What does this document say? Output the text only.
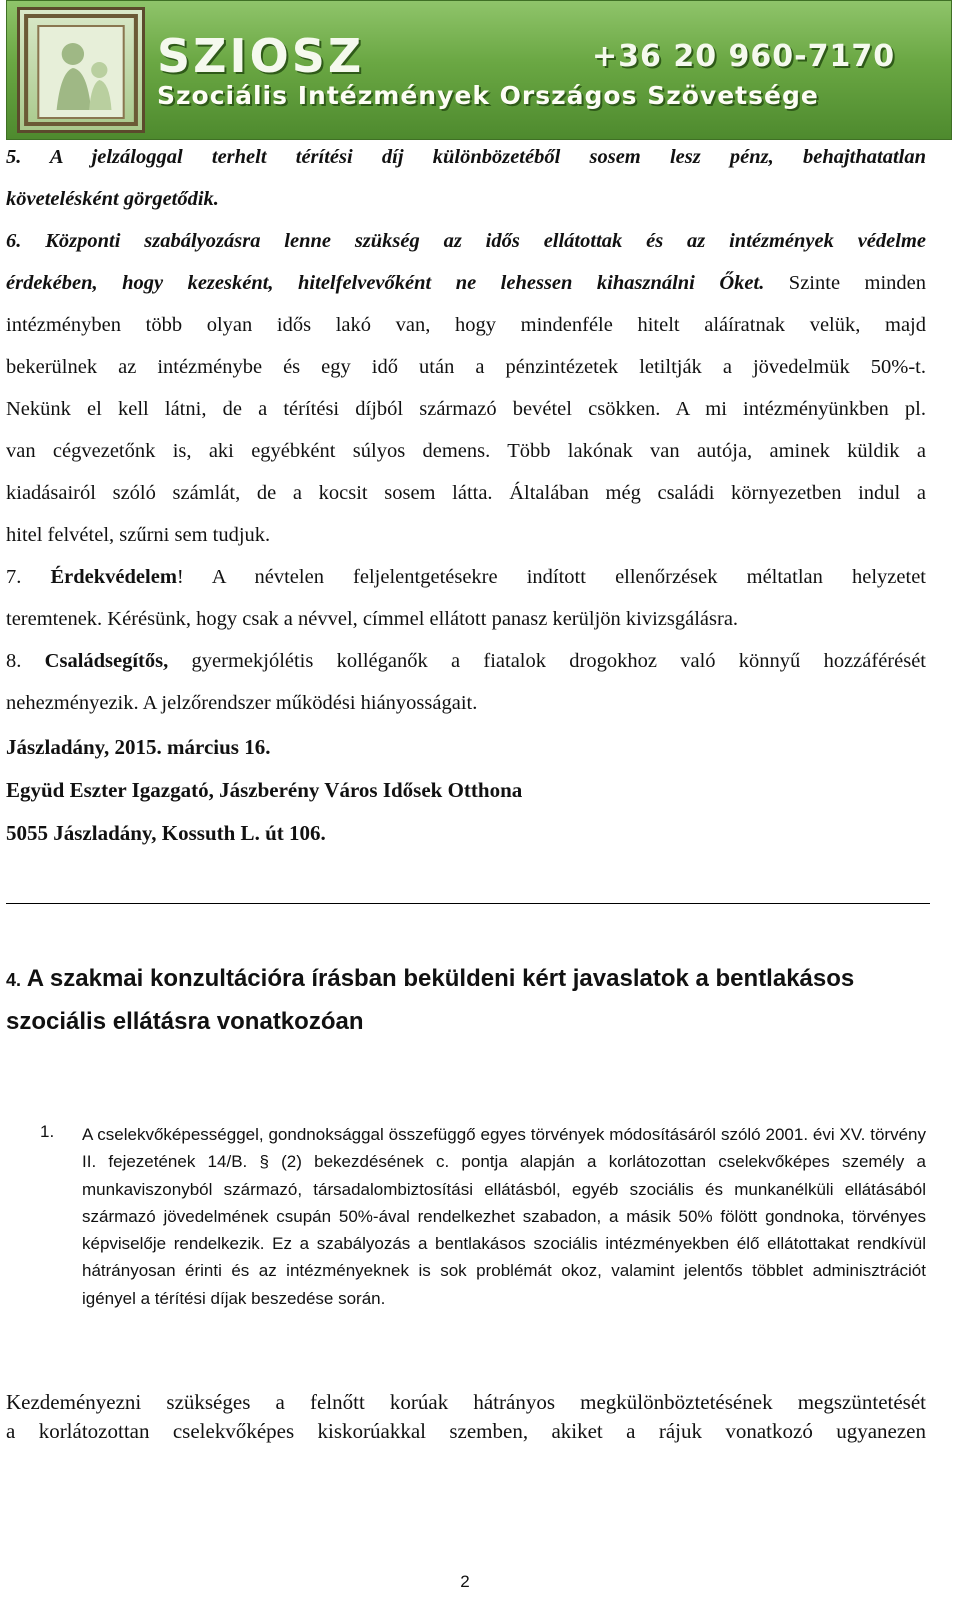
SZIOSZ	+36 20 960-7170
Szociális Intézmények Országos Szövetsége
5. A jelzáloggal terhelt térítési díj különbözetéből sosem lesz pénz, behajthatatlan
követelésként görgetődik.
6. Központi szabályozásra lenne szükség az idős ellátottak és az intézmények védelme
érdekében, hogy kezesként, hitelfelvevőként ne lehessen kihasználni Őket. Szinte minden
intézményben több olyan idős lakó van, hogy mindenféle hitelt aláíratnak velük, majd
bekerülnek az intézménybe és egy idő után a pénzintézetek letiltják a jövedelmük 50%-t.
Nekünk el kell látni, de a térítési díjból származó bevétel csökken. A mi intézményünkben pl.
van cégvezetőnk is, aki egyébként súlyos demens. Több lakónak van autója, aminek küldik a
kiadásairól szóló számlát, de a kocsit sosem látta. Általában még családi környezetben indul a
hitel felvétel, szűrni sem tudjuk.
7. Érdekvédelem! A névtelen feljelentgetésekre indított ellenőrzések méltatlan helyzetet
teremtenek. Kérésünk, hogy csak a névvel, címmel ellátott panasz kerüljön kivizsgálásra.
8. Családsegítős, gyermekjólétis kolléganők a fiatalok drogokhoz való könnyű hozzáférését
nehezményezik. A jelzőrendszer működési hiányosságait.
Jászladány, 2015. március 16.
Együd Eszter Igazgató, Jászberény Város Idősek Otthona
5055 Jászladány, Kossuth L. út 106.
4. A szakmai konzultációra írásban beküldeni kért javaslatok a bentlakásos szociális ellátásra vonatkozóan
1. A cselekvőképességgel, gondnoksággal összefüggő egyes törvények módosításáról szóló 2001. évi XV. törvény II. fejezetének 14/B. § (2) bekezdésének c. pontja alapján a korlátozottan cselekvőképes személy a munkaviszonyból származó, társadalombiztosítási ellátásból, egyéb szociális és munkanélküli ellátásából származó jövedelmének csupán 50%-ával rendelkezhet szabadon, a másik 50% fölött gondnoka, törvényes képviselője rendelkezik. Ez a szabályozás a bentlakásos szociális intézményekben élő ellátottakat rendkívül hátrányosan érinti és az intézményeknek is sok problémát okoz, valamint jelentős többlet adminisztrációt igényel a térítési díjak beszedése során.

Kezdeményezni szükséges a felnőtt korúak hátrányos megkülönböztetésének megszüntetését
a korlátozottan cselekvőképes kiskorúakkal szemben, akiket a rájuk vonatkozó ugyanezen
2
